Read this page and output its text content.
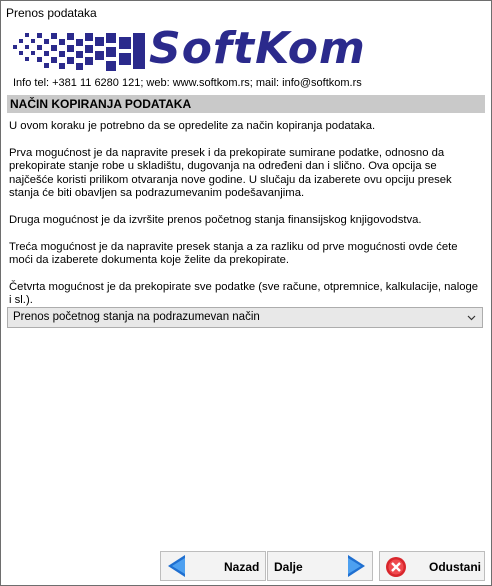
Prenos podataka
SoftKom
Info tel: +381 11 6280 121; web: www.softkom.rs; mail: info@softkom.rs
NAČIN KOPIRANJA PODATAKA

U ovom koraku je potrebno da se opredelite za način kopiranja podataka.

Prva mogućnost je da napravite presek i da prekopirate sumirane podatke, odnosno da prekopirate stanje robe u skladištu, dugovanja na određeni dan i slično. Ova opcija se najčešće koristi prilikom otvaranja nove godine. U slučaju da izaberete ovu opciju presek stanja će biti obavljen sa podrazumevanim podešavanjima.

Druga mogućnost je da izvršite prenos početnog stanja finansijskog knjigovodstva.

Treća mogućnost je da napravite presek stanja a za razliku od prve mogućnosti ovde ćete moći da izaberete dokumenta koje želite da prekopirate.

Četvrta mogućnost je da prekopirate sve podatke (sve račune, otpremnice, kalkulacije, naloge i sl.).

Prenos početnog stanja na podrazumevan način
Nazad Dalje	Odustani
